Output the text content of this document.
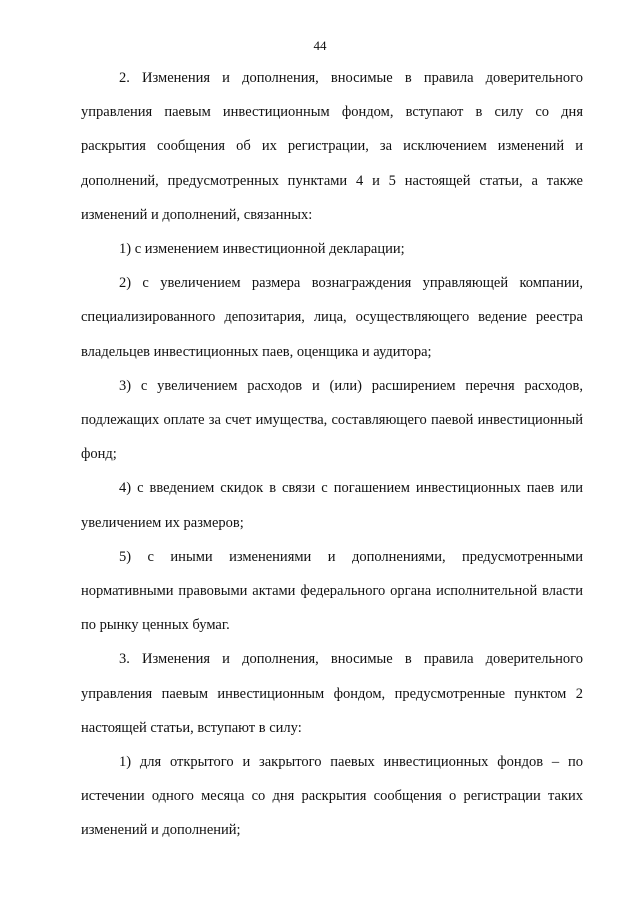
44

2. Изменения и дополнения, вносимые в правила доверительного управления паевым инвестиционным фондом, вступают в силу со дня раскрытия сообщения об их регистрации, за исключением изменений и дополнений, предусмотренных пунктами 4 и 5 настоящей статьи, а также изменений и дополнений, связанных:

1) с изменением инвестиционной декларации;

2) с увеличением размера вознаграждения управляющей компании, специализированного депозитария, лица, осуществляющего ведение реестра владельцев инвестиционных паев, оценщика и аудитора;

3) с увеличением расходов и (или) расширением перечня расходов, подлежащих оплате за счет имущества, составляющего паевой инвестиционный фонд;

4) с введением скидок в связи с погашением инвестиционных паев или увеличением их размеров;

5) с иными изменениями и дополнениями, предусмотренными нормативными правовыми актами федерального органа исполнительной власти по рынку ценных бумаг.

3. Изменения и дополнения, вносимые в правила доверительного управления паевым инвестиционным фондом, предусмотренные пунктом 2 настоящей статьи, вступают в силу:

1) для открытого и закрытого паевых инвестиционных фондов – по истечении одного месяца со дня раскрытия сообщения о регистрации таких изменений и дополнений;
